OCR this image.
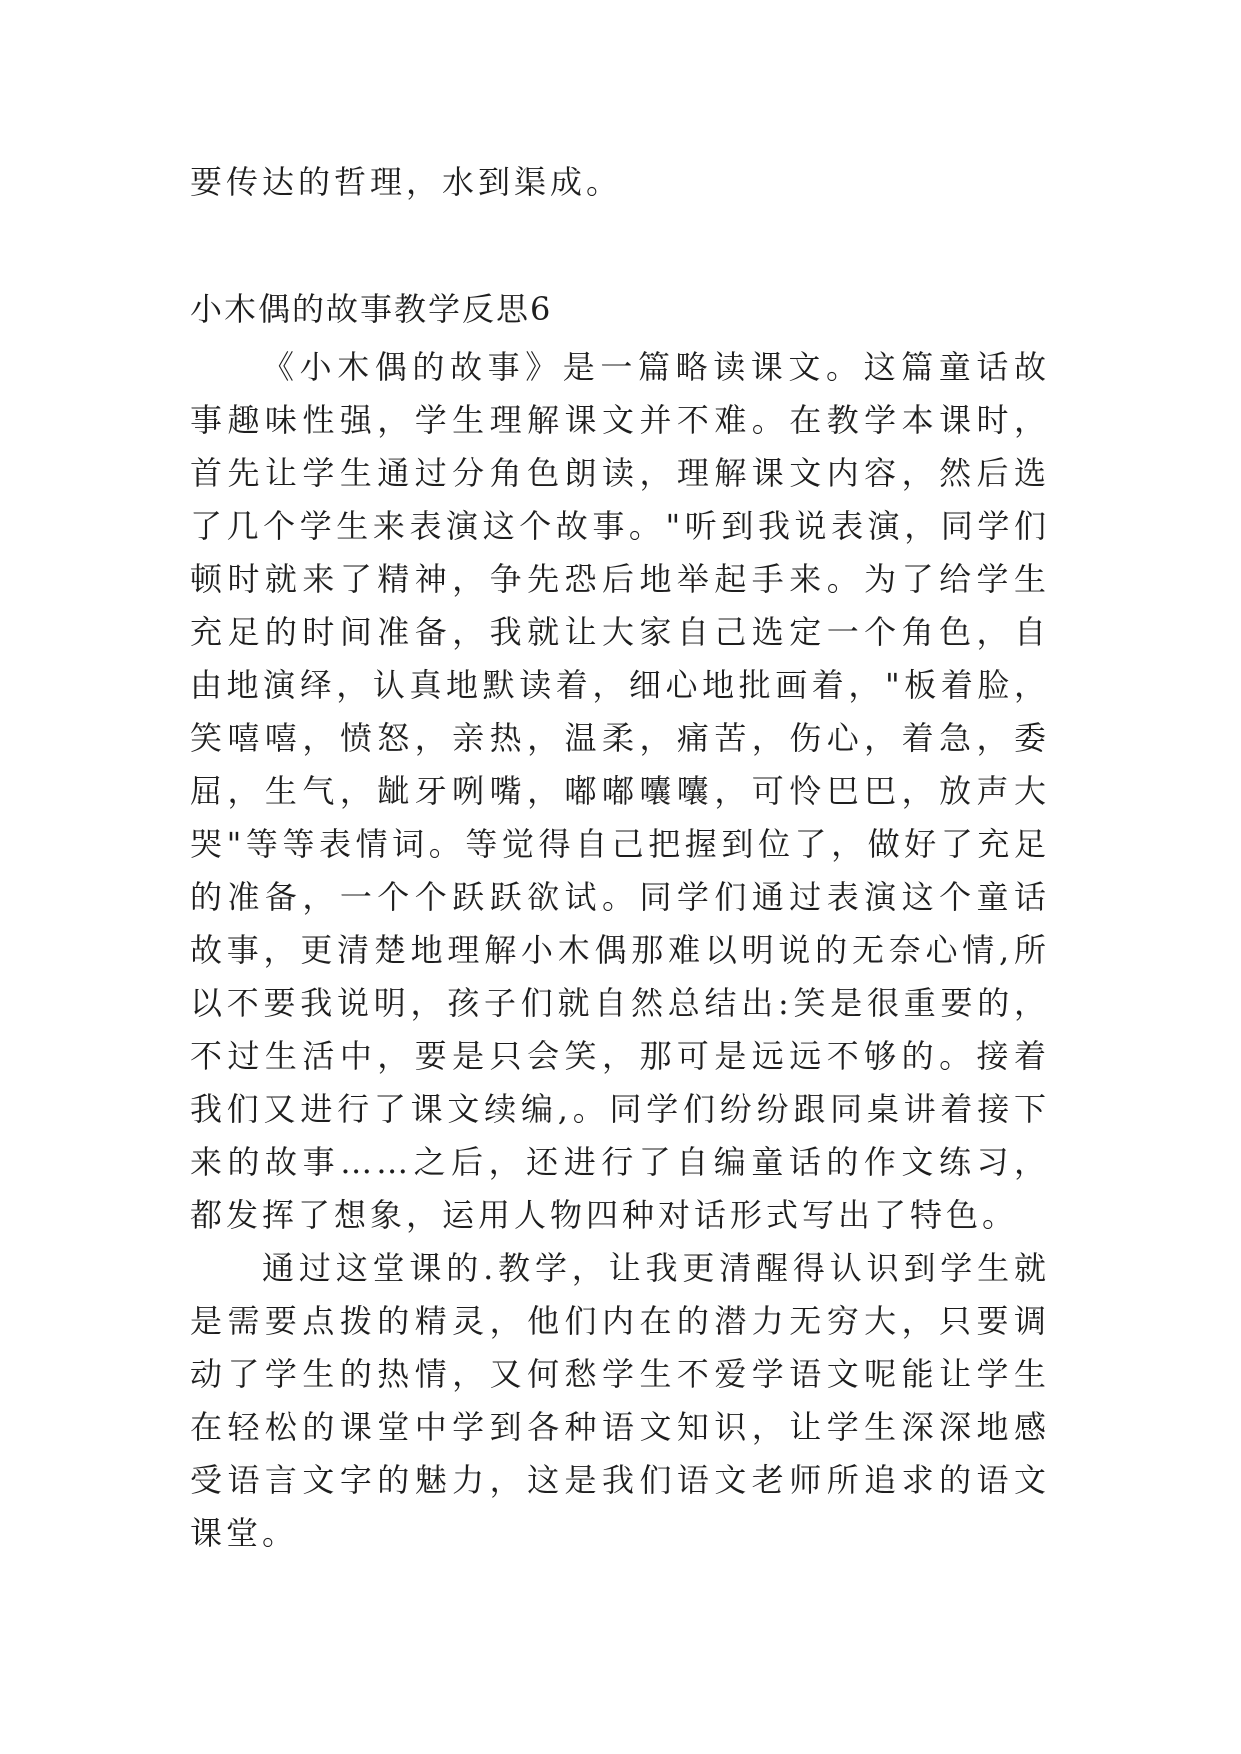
要传达的哲理，水到渠成。

小木偶的故事教学反思6

《小木偶的故事》是一篇略读课文。这篇童话故事趣味性强，学生理解课文并不难。在教学本课时，首先让学生通过分角色朗读，理解课文内容，然后选了几个学生来表演这个故事。"听到我说表演，同学们顿时就来了精神，争先恐后地举起手来。为了给学生充足的时间准备，我就让大家自己选定一个角色，自由地演绎，认真地默读着，细心地批画着，"板着脸，笑嘻嘻，愤怒，亲热，温柔，痛苦，伤心，着急，委屈，生气，龇牙咧嘴，嘟嘟囔囔，可怜巴巴，放声大哭"等等表情词。等觉得自己把握到位了，做好了充足的准备，一个个跃跃欲试。同学们通过表演这个童话故事，更清楚地理解小木偶那难以明说的无奈心情,所以不要我说明，孩子们就自然总结出:笑是很重要的，不过生活中，要是只会笑，那可是远远不够的。接着我们又进行了课文续编,。同学们纷纷跟同桌讲着接下来的故事……之后，还进行了自编童话的作文练习，都发挥了想象，运用人物四种对话形式写出了特色。

通过这堂课的.教学，让我更清醒得认识到学生就是需要点拨的精灵，他们内在的潜力无穷大，只要调动了学生的热情，又何愁学生不爱学语文呢能让学生在轻松的课堂中学到各种语文知识，让学生深深地感受语言文字的魅力，这是我们语文老师所追求的语文课堂。
